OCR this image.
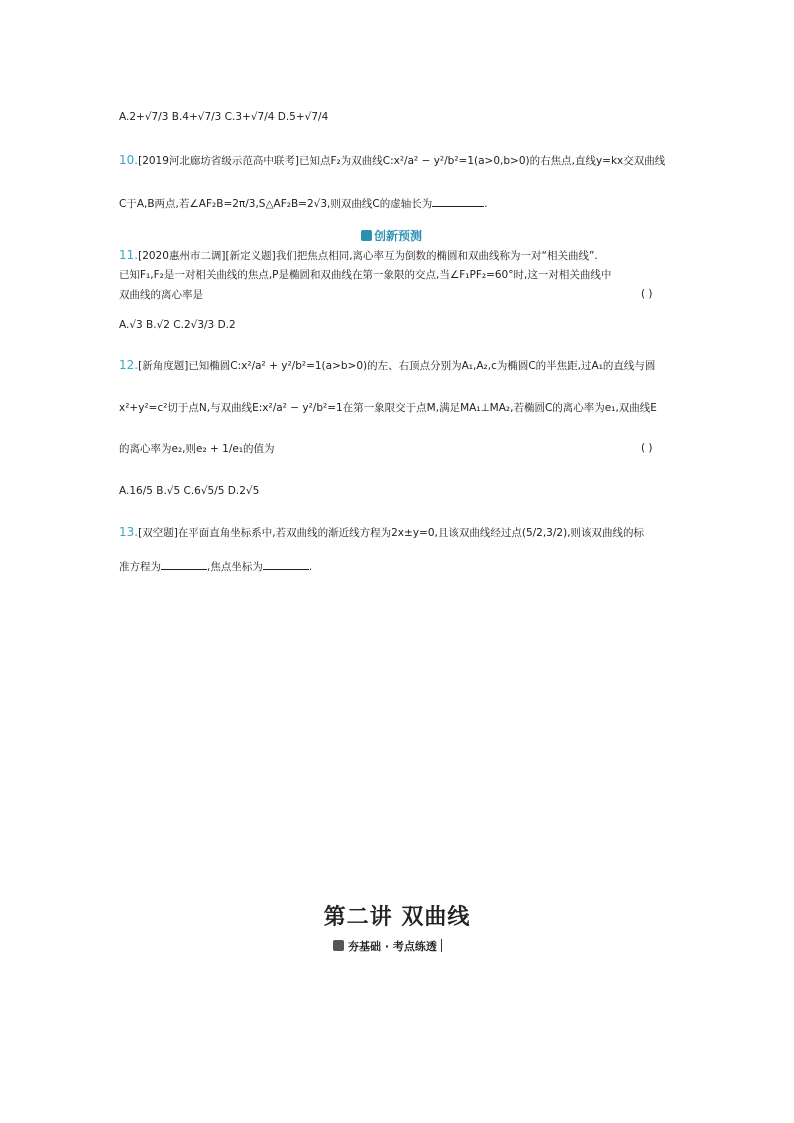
A.2+√7/3 B.4+√7/3 C.3+√7/4 D.5+√7/4
10.[2019河北廊坊省级示范高中联考]已知点F₂为双曲线C:x²/a² − y²/b²=1(a>0,b>0)的右焦点,直线y=kx交双曲线
C于A,B两点,若∠AF₂B=2π/3,S△AF₂B=2√3,则双曲线C的虚轴长为	.
创新预测
11.[2020惠州市二调][新定义题]我们把焦点相同,离心率互为倒数的椭圆和双曲线称为一对“相关曲线”.
已知F₁,F₂是一对相关曲线的焦点,P是椭圆和双曲线在第一象限的交点,当∠F₁PF₂=60°时,这一对相关曲线中
双曲线的离心率是	( )
A.√3 B.√2 C.2√3/3 D.2
12.[新角度题]已知椭圆C:x²/a² + y²/b²=1(a>b>0)的左、右顶点分别为A₁,A₂,c为椭圆C的半焦距,过A₁的直线与圆
x²+y²=c²切于点N,与双曲线E:x²/a² − y²/b²=1在第一象限交于点M,满足MA₁⊥MA₂,若椭圆C的离心率为e₁,双曲线E
的离心率为e₂,则e₂ + 1/e₁的值为	( )
A.16/5 B.√5 C.6√5/5 D.2√5
13.[双空题]在平面直角坐标系中,若双曲线的渐近线方程为2x±y=0,且该双曲线经过点(5/2,3/2),则该双曲线的标
准方程为	,焦点坐标为	.
第二讲 双曲线
夯基础 · 考点练透
